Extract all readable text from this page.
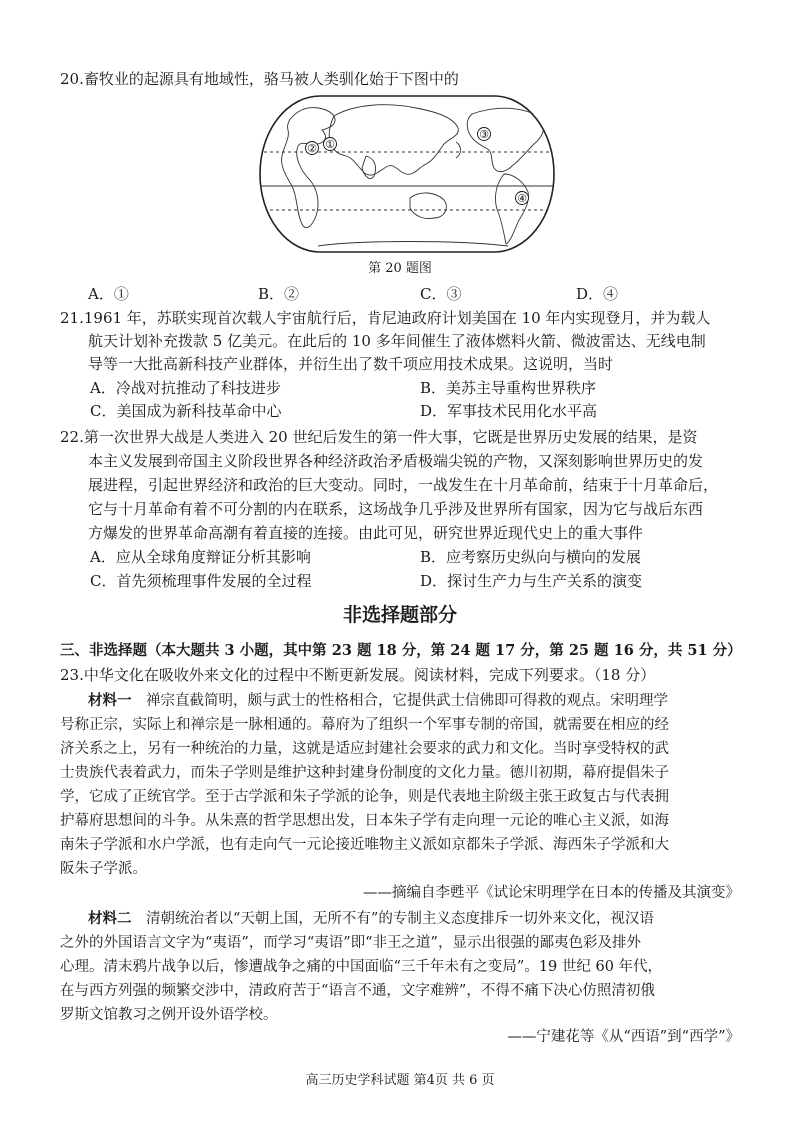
20.畜牧业的起源具有地域性，骆马被人类驯化始于下图中的
② ①
③
④
第 20 题图
A．①	B．②	C．③	D．④
21.1961 年，苏联实现首次载人宇宙航行后，肯尼迪政府计划美国在 10 年内实现登月，并为载人
航天计划补充拨款 5 亿美元。在此后的 10 多年间催生了液体燃料火箭、微波雷达、无线电制
导等一大批高新科技产业群体，并衍生出了数千项应用技术成果。这说明，当时
A．冷战对抗推动了科技进步	B．美苏主导重构世界秩序
C．美国成为新科技革命中心	D．军事技术民用化水平高
22.第一次世界大战是人类进入 20 世纪后发生的第一件大事，它既是世界历史发展的结果，是资
本主义发展到帝国主义阶段世界各种经济政治矛盾极端尖锐的产物，又深刻影响世界历史的发
展进程，引起世界经济和政治的巨大变动。同时，一战发生在十月革命前，结束于十月革命后，
它与十月革命有着不可分割的内在联系，这场战争几乎涉及世界所有国家，因为它与战后东西
方爆发的世界革命高潮有着直接的连接。由此可见，研究世界近现代史上的重大事件
A．应从全球角度辩证分析其影响	B．应考察历史纵向与横向的发展
C．首先须梳理事件发展的全过程	D．探讨生产力与生产关系的演变
非选择题部分
三、非选择题（本大题共 3 小题，其中第 23 题 18 分，第 24 题 17 分，第 25 题 16 分，共 51 分）
23.中华文化在吸收外来文化的过程中不断更新发展。阅读材料，完成下列要求。（18 分）
材料一　 禅宗直截简明，颇与武士的性格相合，它提供武士信佛即可得救的观点。宋明理学
号称正宗，实际上和禅宗是一脉相通的。幕府为了组织一个军事专制的帝国，就需要在相应的经
济关系之上，另有一种统治的力量，这就是适应封建社会要求的武力和文化。当时享受特权的武
士贵族代表着武力，而朱子学则是维护这种封建身份制度的文化力量。德川初期，幕府提倡朱子
学，它成了正统官学。至于古学派和朱子学派的论争，则是代表地主阶级主张王政复古与代表拥
护幕府思想间的斗争。从朱熹的哲学思想出发，日本朱子学有走向理一元论的唯心主义派，如海
南朱子学派和水户学派，也有走向气一元论接近唯物主义派如京都朱子学派、海西朱子学派和大
阪朱子学派。
——摘编自李甦平《试论宋明理学在日本的传播及其演变》
材料二　 清朝统治者以“天朝上国，无所不有”的专制主义态度排斥一切外来文化，视汉语
之外的外国语言文字为“夷语”，而学习“夷语”即“非王之道”，显示出很强的鄙夷色彩及排外
心理。清末鸦片战争以后，惨遭战争之痛的中国面临“三千年未有之变局”。19 世纪 60 年代，
在与西方列强的频繁交涉中，清政府苦于“语言不通，文字难辨”，不得不痛下决心仿照清初俄
罗斯文馆教习之例开设外语学校。
——宁建花等《从“西语”到“西学”》
高三历史学科试题 第4页 共 6 页
